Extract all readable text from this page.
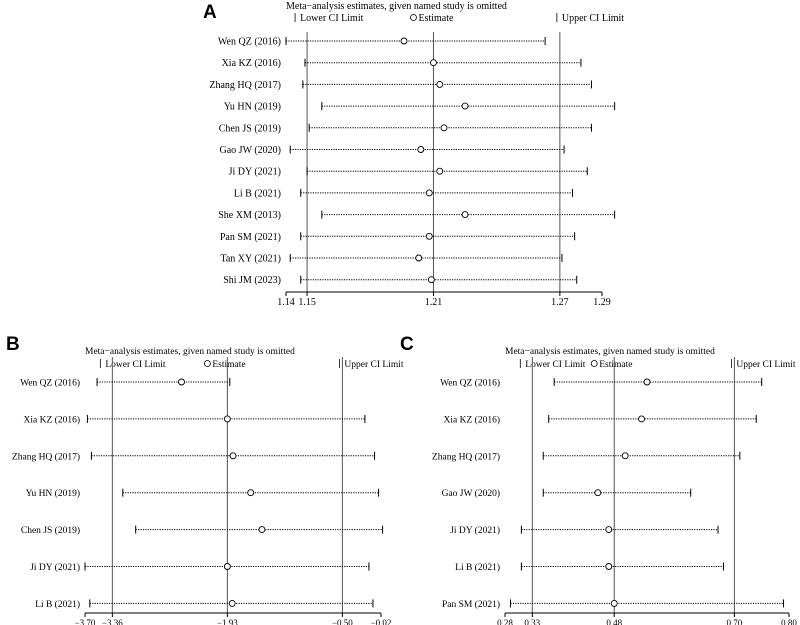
A	Meta−analysis estimates, given named study is omitted
Lower CI Limit	Estimate	Upper CI Limit
1.14 1.15	1.21	1.27 1.29
Wen QZ (2016)
Xia KZ (2016)
Zhang HQ (2017)
Yu HN (2019)
Chen JS (2019)
Gao JW (2020)
Ji DY (2021)
Li B (2021)
She XM (2013)
Pan SM (2021)
Tan XY (2021)
Shi JM (2023)
B	Meta−analysis estimates, given named study is omitted
Lower CI Limit	Estimate	Upper CI Limit
−3.70 −3.36	−1.93	−0.50 −0.02
Wen QZ (2016)
Xia KZ (2016)
Zhang HQ (2017)
Yu HN (2019)
Chen JS (2019)
Ji DY (2021)
Li B (2021)
C	Meta−analysis estimates, given named study is omitted
Lower CI Limit Estimate	Upper CI Limit
0.28 0.33	0.48	0.70	0.80
Wen QZ (2016)
Xia KZ (2016)
Zhang HQ (2017)
Gao JW (2020)
Ji DY (2021)
Li B (2021)
Pan SM (2021)
